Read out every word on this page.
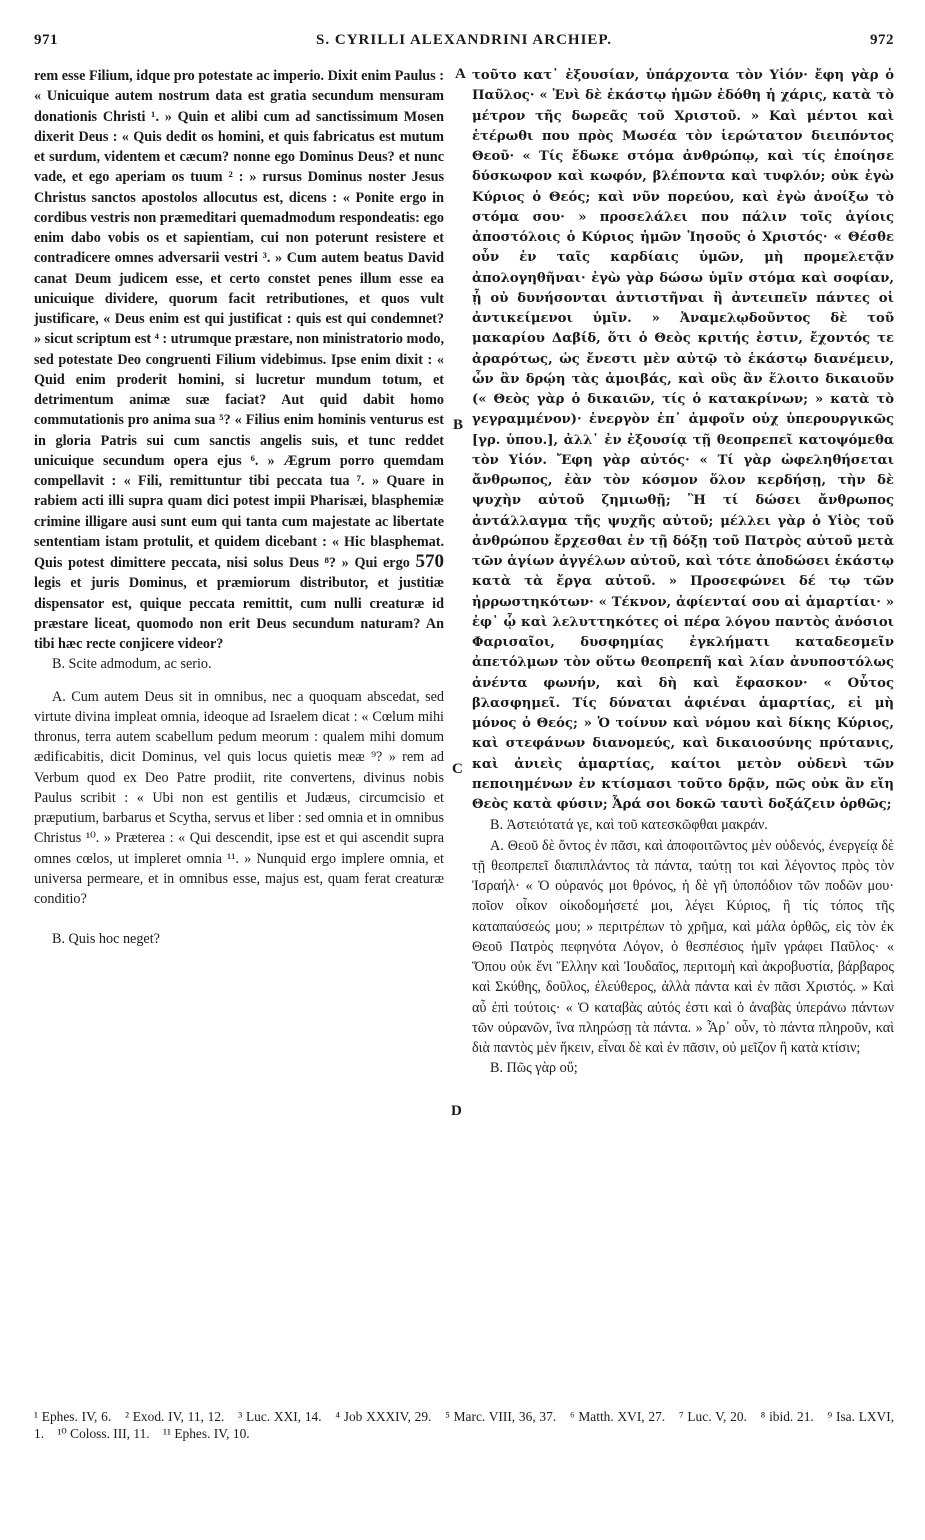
971	S. CYRILLI ALEXANDRINI ARCHIEP.	972
A
B
C
D

rem esse Filium, idque pro potestate ac imperio. Dixit enim Paulus : « Unicuique autem nostrum data est gratia secundum mensuram donationis Christi ¹. » Quin et alibi cum ad sanctissimum Mosen dixerit Deus : « Quis dedit os homini, et quis fabricatus est mutum et surdum, videntem et cæcum? nonne ego Dominus Deus? et nunc vade, et ego aperiam os tuum ² : » rursus Dominus noster Jesus Christus sanctos apostolos allocutus est, dicens : « Ponite ergo in cordibus vestris non præmeditari quemadmodum respondeatis: ego enim dabo vobis os et sapientiam, cui non poterunt resistere et contradicere omnes adversarii vestri ³. » Cum autem beatus David canat Deum judicem esse, et certo constet penes illum esse ea unicuique dividere, quorum facit retributiones, et quos vult justificare, « Deus enim est qui justificat : quis est qui condemnet? » sicut scriptum est ⁴ : utrumque præstare, non ministratorio modo, sed potestate Deo congruenti Filium videbimus. Ipse enim dixit : « Quid enim proderit homini, si lucretur mundum totum, et detrimentum animæ suæ faciat? Aut quid dabit homo commutationis pro anima sua ⁵? « Filius enim hominis venturus est in gloria Patris sui cum sanctis angelis suis, et tunc reddet unicuique secundum opera ejus ⁶. » Ægrum porro quemdam compellavit : « Fili, remittuntur tibi peccata tua ⁷. » Quare in rabiem acti illi supra quam dici potest impii Pharisæi, blasphemiæ crimine illigare ausi sunt eum qui tanta cum majestate ac libertate sententiam istam protulit, et quidem dicebant : « Hic blasphemat. Quis potest dimittere peccata, nisi solus Deus ⁸? » Qui ergo 570 legis et juris Dominus, et præmiorum distributor, et justitiæ dispensator est, quique peccata remittit, cum nulli creaturæ id præstare liceat, quomodo non erit Deus secundum naturam? An tibi hæc recte conjicere videor?

B. Scite admodum, ac serio.

A. Cum autem Deus sit in omnibus, nec a quoquam abscedat, sed virtute divina impleat omnia, ideoque ad Israelem dicat : « Cœlum mihi thronus, terra autem scabellum pedum meorum : qualem mihi domum ædificabitis, dicit Dominus, vel quis locus quietis meæ ⁹? » rem ad Verbum quod ex Deo Patre prodiit, rite convertens, divinus nobis Paulus scribit : « Ubi non est gentilis et Judæus, circumcisio et præputium, barbarus et Scytha, servus et liber : sed omnia et in omnibus Christus ¹⁰. » Præterea : « Qui descendit, ipse est et qui ascendit supra omnes cœlos, ut impleret omnia ¹¹. » Nunquid ergo implere omnia, et universa permeare, et in omnibus esse, majus est, quam ferat creaturæ conditio?

B. Quis hoc neget?

τοῦτο κατ᾽ ἐξουσίαν, ὑπάρχοντα τὸν Υἱόν· ἔφη γὰρ ὁ Παῦλος· « Ἑνὶ δὲ ἑκάστῳ ἡμῶν ἐδόθη ἡ χάρις, κατὰ τὸ μέτρον τῆς δωρεᾶς τοῦ Χριστοῦ. » Καὶ μέντοι καὶ ἑτέρωθι που πρὸς Μωσέα τὸν ἱερώτατον διειπόντος Θεοῦ· « Τίς ἔδωκε στόμα ἀνθρώπῳ, καὶ τίς ἐποίησε δύσκωφον καὶ κωφόν, βλέποντα καὶ τυφλόν; οὐκ ἐγὼ Κύριος ὁ Θεός; καὶ νῦν πορεύου, καὶ ἐγὼ ἀνοίξω τὸ στόμα σου· » προσελάλει που πάλιν τοῖς ἁγίοις ἀποστόλοις ὁ Κύριος ἡμῶν Ἰησοῦς ὁ Χριστός· « Θέσθε οὖν ἐν ταῖς καρδίαις ὑμῶν, μὴ προμελετᾷν ἀπολογηθῆναι· ἐγὼ γὰρ δώσω ὑμῖν στόμα καὶ σοφίαν, ᾗ οὐ δυνήσονται ἀντιστῆναι ἢ ἀντειπεῖν πάντες οἱ ἀντικείμενοι ὑμῖν. » Ἀναμελῳδοῦντος δὲ τοῦ μακαρίου Δαβίδ, ὅτι ὁ Θεὸς κριτής ἐστιν, ἔχοντός τε ἀραρότως, ὡς ἔνεστι μὲν αὐτῷ τὸ ἑκάστῳ διανέμειν, ὧν ἂν δρῴη τὰς ἀμοιβάς, καὶ οὓς ἂν ἕλοιτο δικαιοῦν (« Θεὸς γὰρ ὁ δικαιῶν, τίς ὁ κατακρίνων; » κατὰ τὸ γεγραμμένον)· ἐνεργὸν ἐπ᾽ ἀμφοῖν οὐχ ὑπερουργικῶς [γρ. ὑπου.], ἀλλ᾽ ἐν ἐξουσίᾳ τῇ θεοπρεπεῖ κατοψόμεθα τὸν Υἱόν. Ἔφη γὰρ αὐτός· « Τί γὰρ ὠφεληθήσεται ἄνθρωπος, ἐὰν τὸν κόσμον ὅλον κερδήσῃ, τὴν δὲ ψυχὴν αὐτοῦ ζημιωθῇ; Ἢ τί δώσει ἄνθρωπος ἀντάλλαγμα τῆς ψυχῆς αὐτοῦ; μέλλει γὰρ ὁ Υἱὸς τοῦ ἀνθρώπου ἔρχεσθαι ἐν τῇ δόξῃ τοῦ Πατρὸς αὐτοῦ μετὰ τῶν ἁγίων ἀγγέλων αὐτοῦ, καὶ τότε ἀποδώσει ἑκάστῳ κατὰ τὰ ἔργα αὐτοῦ. » Προσεφώνει δέ τῳ τῶν ἠρρωστηκότων· « Τέκνον, ἀφίενταί σου αἱ ἁμαρτίαι· » ἐφ᾽ ᾧ καὶ λελυττηκότες οἱ πέρα λόγου παντὸς ἀνόσιοι Φαρισαῖοι, δυσφημίας ἐγκλήματι καταδεσμεῖν ἀπετόλμων τὸν οὕτω θεοπρεπῆ καὶ λίαν ἀνυποστόλως ἀνέντα φωνήν, καὶ δὴ καὶ ἔφασκον· « Οὗτος βλασφημεῖ. Τίς δύναται ἀφιέναι ἁμαρτίας, εἰ μὴ μόνος ὁ Θεός; » Ὁ τοίνυν καὶ νόμου καὶ δίκης Κύριος, καὶ στεφάνων διανομεύς, καὶ δικαιοσύνης πρύτανις, καὶ ἀνιεὶς ἁμαρτίας, καίτοι μετὸν οὐδενὶ τῶν πεποιημένων ἐν κτίσμασι τοῦτο δρᾷν, πῶς οὐκ ἂν εἴη Θεὸς κατὰ φύσιν; Ἆρά σοι δοκῶ ταυτὶ δοξάζειν ὀρθῶς;

B. Ἀστειότατά γε, καὶ τοῦ κατεσκῶφθαι μακράν.

A. Θεοῦ δὲ ὄντος ἐν πᾶσι, καὶ ἀποφοιτῶντος μὲν οὐδενός, ἐνεργείᾳ δὲ τῇ θεοπρεπεῖ διαπιπλάντος τὰ πάντα, ταύτῃ τοι καὶ λέγοντος πρὸς τὸν Ἰσραήλ· « Ὁ οὐρανός μοι θρόνος, ἡ δὲ γῆ ὑποπόδιον τῶν ποδῶν μου· ποῖον οἶκον οἰκοδομήσετέ μοι, λέγει Κύριος, ἢ τίς τόπος τῆς καταπαύσεώς μου; » περιτρέπων τὸ χρῆμα, καὶ μάλα ὀρθῶς, εἰς τὸν ἐκ Θεοῦ Πατρὸς πεφηνότα Λόγον, ὁ θεσπέσιος ἡμῖν γράφει Παῦλος· « Ὅπου οὐκ ἔνι Ἕλλην καὶ Ἰουδαῖος, περιτομὴ καὶ ἀκροβυστία, βάρβαρος καὶ Σκύθης, δοῦλος, ἐλεύθερος, ἀλλὰ πάντα καὶ ἐν πᾶσι Χριστός. » Καὶ αὖ ἐπὶ τούτοις· « Ὁ καταβὰς αὐτός ἐστι καὶ ὁ ἀναβὰς ὑπεράνω πάντων τῶν οὐρανῶν, ἵνα πληρώσῃ τὰ πάντα. » Ἆρ᾽ οὖν, τὸ πάντα πληροῦν, καὶ διὰ παντὸς μὲν ἥκειν, εἶναι δὲ καὶ ἐν πᾶσιν, οὐ μεῖζον ἢ κατὰ κτίσιν;

B. Πῶς γὰρ οὔ;

¹ Ephes. IV, 6. ² Exod. IV, 11, 12. ³ Luc. XXI, 14. ⁴ Job XXXIV, 29. ⁵ Marc. VIII, 36, 37. ⁶ Matth. XVI, 27. ⁷ Luc. V, 20. ⁸ ibid. 21. ⁹ Isa. LXVI, 1. ¹⁰ Coloss. III, 11. ¹¹ Ephes. IV, 10.
